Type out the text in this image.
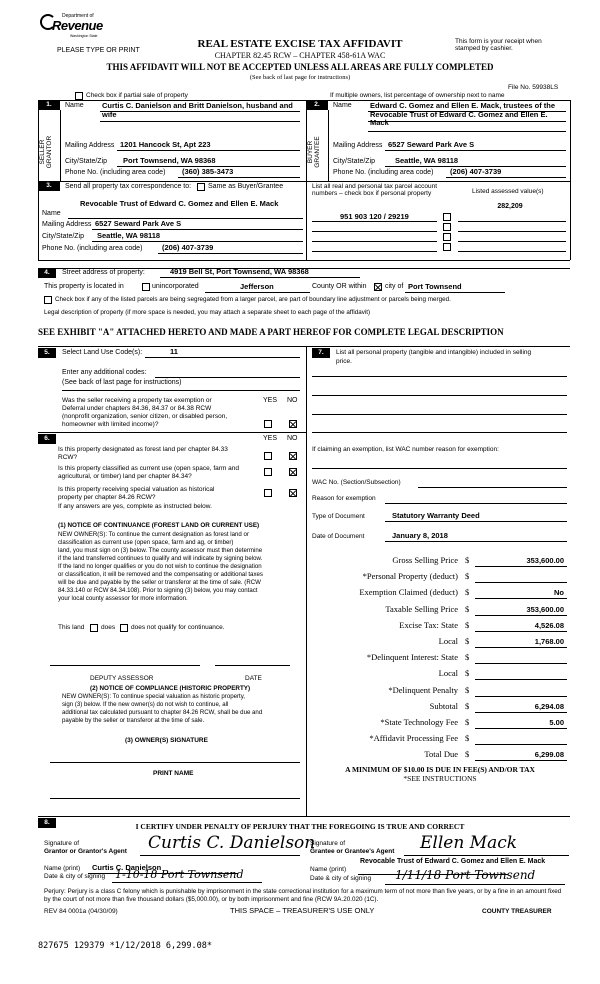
Department of
Revenue
Washington State
PLEASE TYPE OR PRINT
REAL ESTATE EXCISE TAX AFFIDAVIT
CHAPTER 82.45 RCW – CHAPTER 458-61A WAC
THIS AFFIDAVIT WILL NOT BE ACCEPTED UNLESS ALL AREAS ARE FULLY COMPLETED
(See back of last page for instructions)
This form is your receipt when stamped by cashier.
File No. 59938LS
Check box if partial sale of property	If multiple owners, list percentage of ownership next to name
1.
SELLER
GRANTOR
Name Curtis C. Danielson and Britt Danielson, husband and wife
Mailing Address 1201 Hancock St, Apt 223
City/State/Zip Port Townsend, WA 98368
Phone No. (including area code) (360) 385-3473
2.
BUYER
GRANTEE
Name Edward C. Gomez and Ellen E. Mack, trustees of the Revocable Trust of Edward C. Gomez and Ellen E. Mack
Mailing Address 6527 Seward Park Ave S
City/State/Zip	Seattle, WA 98118
Phone No. (including area code) (206) 407-3739
3.	Send all property tax correspondence to: Same as Buyer/Grantee
Revocable Trust of Edward C. Gomez and Ellen E. Mack
Name
Mailing Address 6527 Seward Park Ave S
City/State/Zip Seattle, WA 98118
Phone No. (including area code)	(206) 407-3739
List all real and personal tax parcel account numbers – check box if personal property	Listed assessed value(s)
282,209
951 903 120 / 29219
4.	Street address of property:	4919 Bell St, Port Townsend, WA 98368
This property is located in	unincorporated	Jefferson	County OR within	city of Port Townsend
Check box if any of the listed parcels are being segregated from a larger parcel, are part of boundary line adjustment or parcels being merged.
Legal description of property (if more space is needed, you may attach a separate sheet to each page of the affidavit)
SEE EXHIBIT "A" ATTACHED HERETO AND MADE A PART HEREOF FOR COMPLETE LEGAL DESCRIPTION
5.	Select Land Use Code(s):	11
Enter any additional codes:
(See back of last page for instructions)
YES NO
Was the seller receiving a property tax exemption or
Deferral under chapters 84.36, 84.37 or 84.38 RCW
(nonprofit organization, senior citizen, or disabled person,
homeowner with limited income)?
6.	YES NO
Is this property designated as forest land per chapter 84.33
RCW?
Is this property classified as current use (open space, farm and
agricultural, or timber) land per chapter 84.34?
Is this property receiving special valuation as historical
property per chapter 84.26 RCW?
If any answers are yes, complete as instructed below.
(1) NOTICE OF CONTINUANCE (FOREST LAND OR CURRENT USE)
NEW OWNER(S): To continue the current designation as forest land or
classification as current use (open space, farm and ag, or timber)
land, you must sign on (3) below. The county assessor must then determine
if the land transferred continues to qualify and will indicate by signing below.
If the land no longer qualifies or you do not wish to continue the designation
or classification, it will be removed and the compensating or additional taxes
will be due and payable by the seller or transferor at the time of sale. (RCW
84.33.140 or RCW 84.34.108). Prior to signing (3) below, you may contact
your local county assessor for more information.
This land	does does not qualify for continuance.
DEPUTY ASSESSOR	DATE
(2) NOTICE OF COMPLIANCE (HISTORIC PROPERTY)
NEW OWNER(S): To continue special valuation as historic property,
sign (3) below. If the new owner(s) do not wish to continue, all
additional tax calculated pursuant to chapter 84.26 RCW, shall be due and
payable by the seller or transferor at the time of sale.
(3) OWNER(S) SIGNATURE
PRINT NAME
7.	List all personal property (tangible and intangible) included in selling
price.
If claiming an exemption, list WAC number reason for exemption:
WAC No. (Section/Subsection)
Reason for exemption
Type of Document	Statutory Warranty Deed
Date of Document	January 8, 2018
Gross Selling Price $	353,600.00
*Personal Property (deduct) $
Exemption Claimed (deduct) $	No
Taxable Selling Price $	353,600.00
Excise Tax: State $	4,526.08
Local $	1,768.00
*Delinquent Interest: State $
Local $
*Delinquent Penalty $
Subtotal $	6,294.08
*State Technology Fee $	5.00
*Affidavit Processing Fee $
Total Due $	6,299.08
A MINIMUM OF $10.00 IS DUE IN FEE(S) AND/OR TAX
*SEE INSTRUCTIONS
8.	I CERTIFY UNDER PENALTY OF PERJURY THAT THE FOREGOING IS TRUE AND CORRECT
Signature of
Grantor or Grantor's Agent Curtis C. Danielson
Name (print) Curtis C. Danielson
Date & city of signing 1-10-18 Port Townsend
Signature of
Grantee or Grantee's Agent Ellen Mack
Revocable Trust of Edward C. Gomez and Ellen E. Mack
Name (print)
Date & city of signing 1/11/18 Port Townsend
Perjury: Perjury is a class C felony which is punishable by imprisonment in the state correctional institution for a maximum term of not more than five years, or by a fine in an amount fixed by the court of not more than five thousand dollars ($5,000.00), or by both imprisonment and fine (RCW 9A.20.020 (1C).
REV 84 0001a (04/30/09)	THIS SPACE – TREASURER'S USE ONLY	COUNTY TREASURER
827675 129379 *1/12/2018 6,299.08*
